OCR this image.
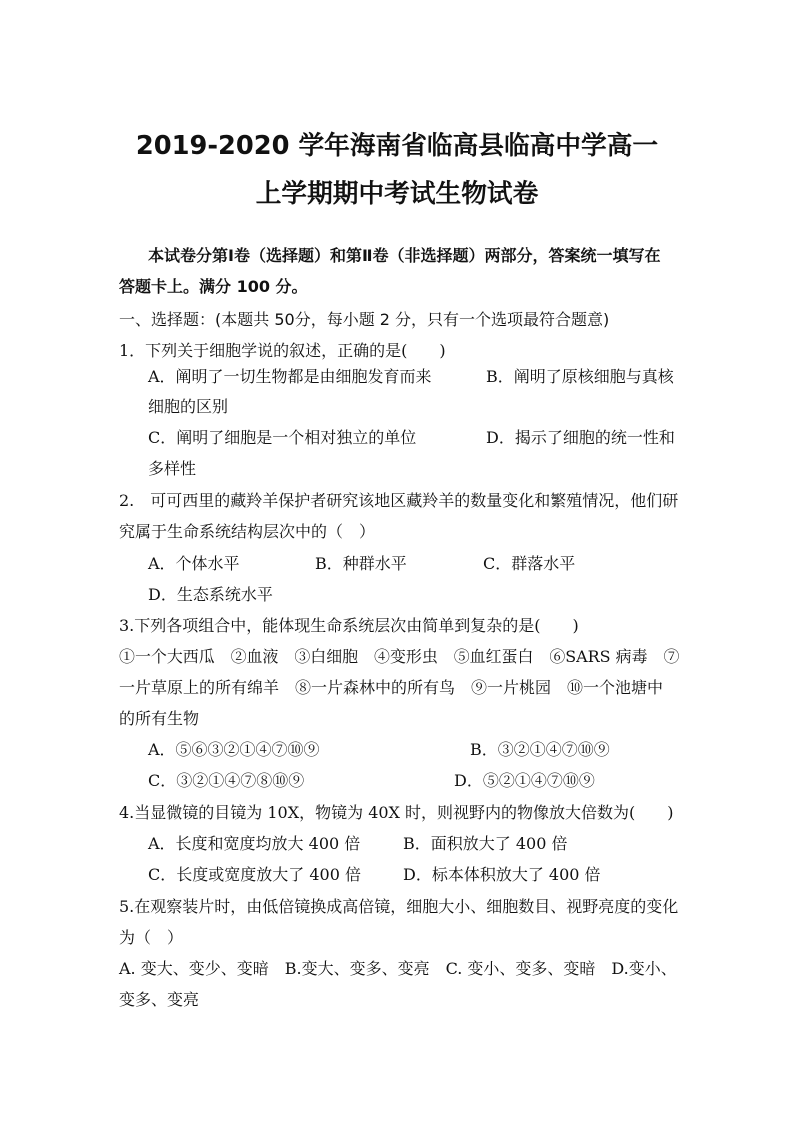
2019-2020 学年海南省临高县临高中学高一
上学期期中考试生物试卷
本试卷分第Ⅰ卷（选择题）和第Ⅱ卷（非选择题）两部分，答案统一填写在
答题卡上。满分 100 分。
一、选择题：(本题共 50分，每小题 2 分，只有一个选项最符合题意)
1．下列关于细胞学说的叙述，正确的是(　　)
A．阐明了一切生物都是由细胞发育而来	B．阐明了原核细胞与真核
细胞的区别
C．阐明了细胞是一个相对独立的单位	D．揭示了细胞的统一性和
多样性
2.　可可西里的藏羚羊保护者研究该地区藏羚羊的数量变化和繁殖情况，他们研
究属于生命系统结构层次中的（　）
A．个体水平	B．种群水平	C．群落水平
D．生态系统水平
3.下列各项组合中，能体现生命系统层次由简单到复杂的是(　　)
①一个大西瓜　②血液　③白细胞　④变形虫　⑤血红蛋白　⑥SARS 病毒　⑦
一片草原上的所有绵羊　⑧一片森林中的所有鸟　⑨一片桃园　⑩一个池塘中
的所有生物
A．⑤⑥③②①④⑦⑩⑨	B．③②①④⑦⑩⑨
C．③②①④⑦⑧⑩⑨	D．⑤②①④⑦⑩⑨
4.当显微镜的目镜为 10X，物镜为 40X 时，则视野内的物像放大倍数为(　　)
A．长度和宽度均放大 400 倍	B．面积放大了 400 倍
C．长度或宽度放大了 400 倍	D．标本体积放大了 400 倍
5.在观察装片时，由低倍镜换成高倍镜，细胞大小、细胞数目、视野亮度的变化
为（　）
A. 变大、变少、变暗　B.变大、变多、变亮　C. 变小、变多、变暗　D.变小、
变多、变亮
